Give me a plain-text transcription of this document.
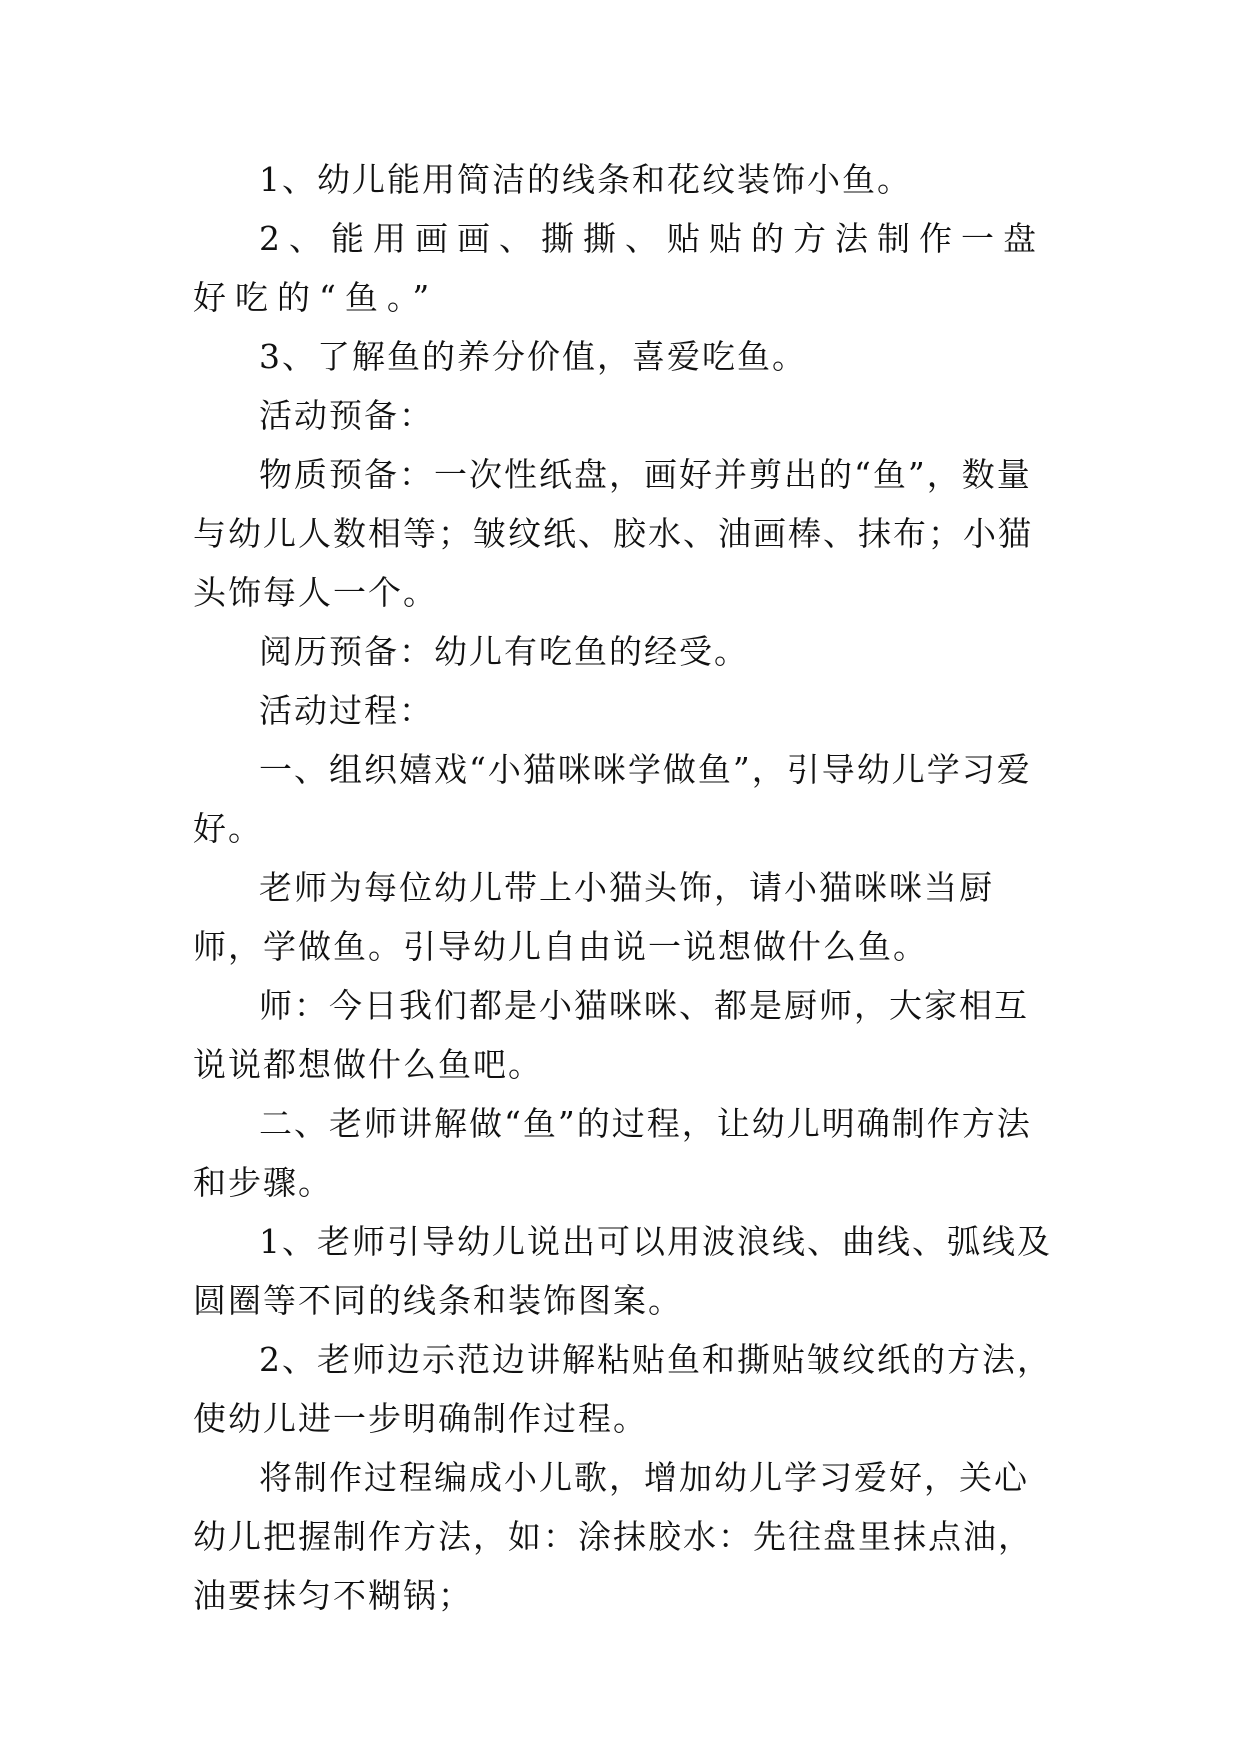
1、幼儿能用简洁的线条和花纹装饰小鱼。

2、能用画画、撕撕、贴贴的方法制作一盘好吃的“鱼。”

3、了解鱼的养分价值，喜爱吃鱼。

活动预备：

物质预备：一次性纸盘，画好并剪出的“鱼”，数量与幼儿人数相等；皱纹纸、胶水、油画棒、抹布；小猫头饰每人一个。

阅历预备：幼儿有吃鱼的经受。

活动过程：

一、组织嬉戏“小猫咪咪学做鱼”，引导幼儿学习爱好。

老师为每位幼儿带上小猫头饰，请小猫咪咪当厨师，学做鱼。引导幼儿自由说一说想做什么鱼。

师：今日我们都是小猫咪咪、都是厨师，大家相互说说都想做什么鱼吧。

二、老师讲解做“鱼”的过程，让幼儿明确制作方法和步骤。

1、老师引导幼儿说出可以用波浪线、曲线、弧线及圆圈等不同的线条和装饰图案。

2、老师边示范边讲解粘贴鱼和撕贴皱纹纸的方法，使幼儿进一步明确制作过程。

将制作过程编成小儿歌，增加幼儿学习爱好，关心幼儿把握制作方法，如：涂抹胶水：先往盘里抹点油，油要抹匀不糊锅；
